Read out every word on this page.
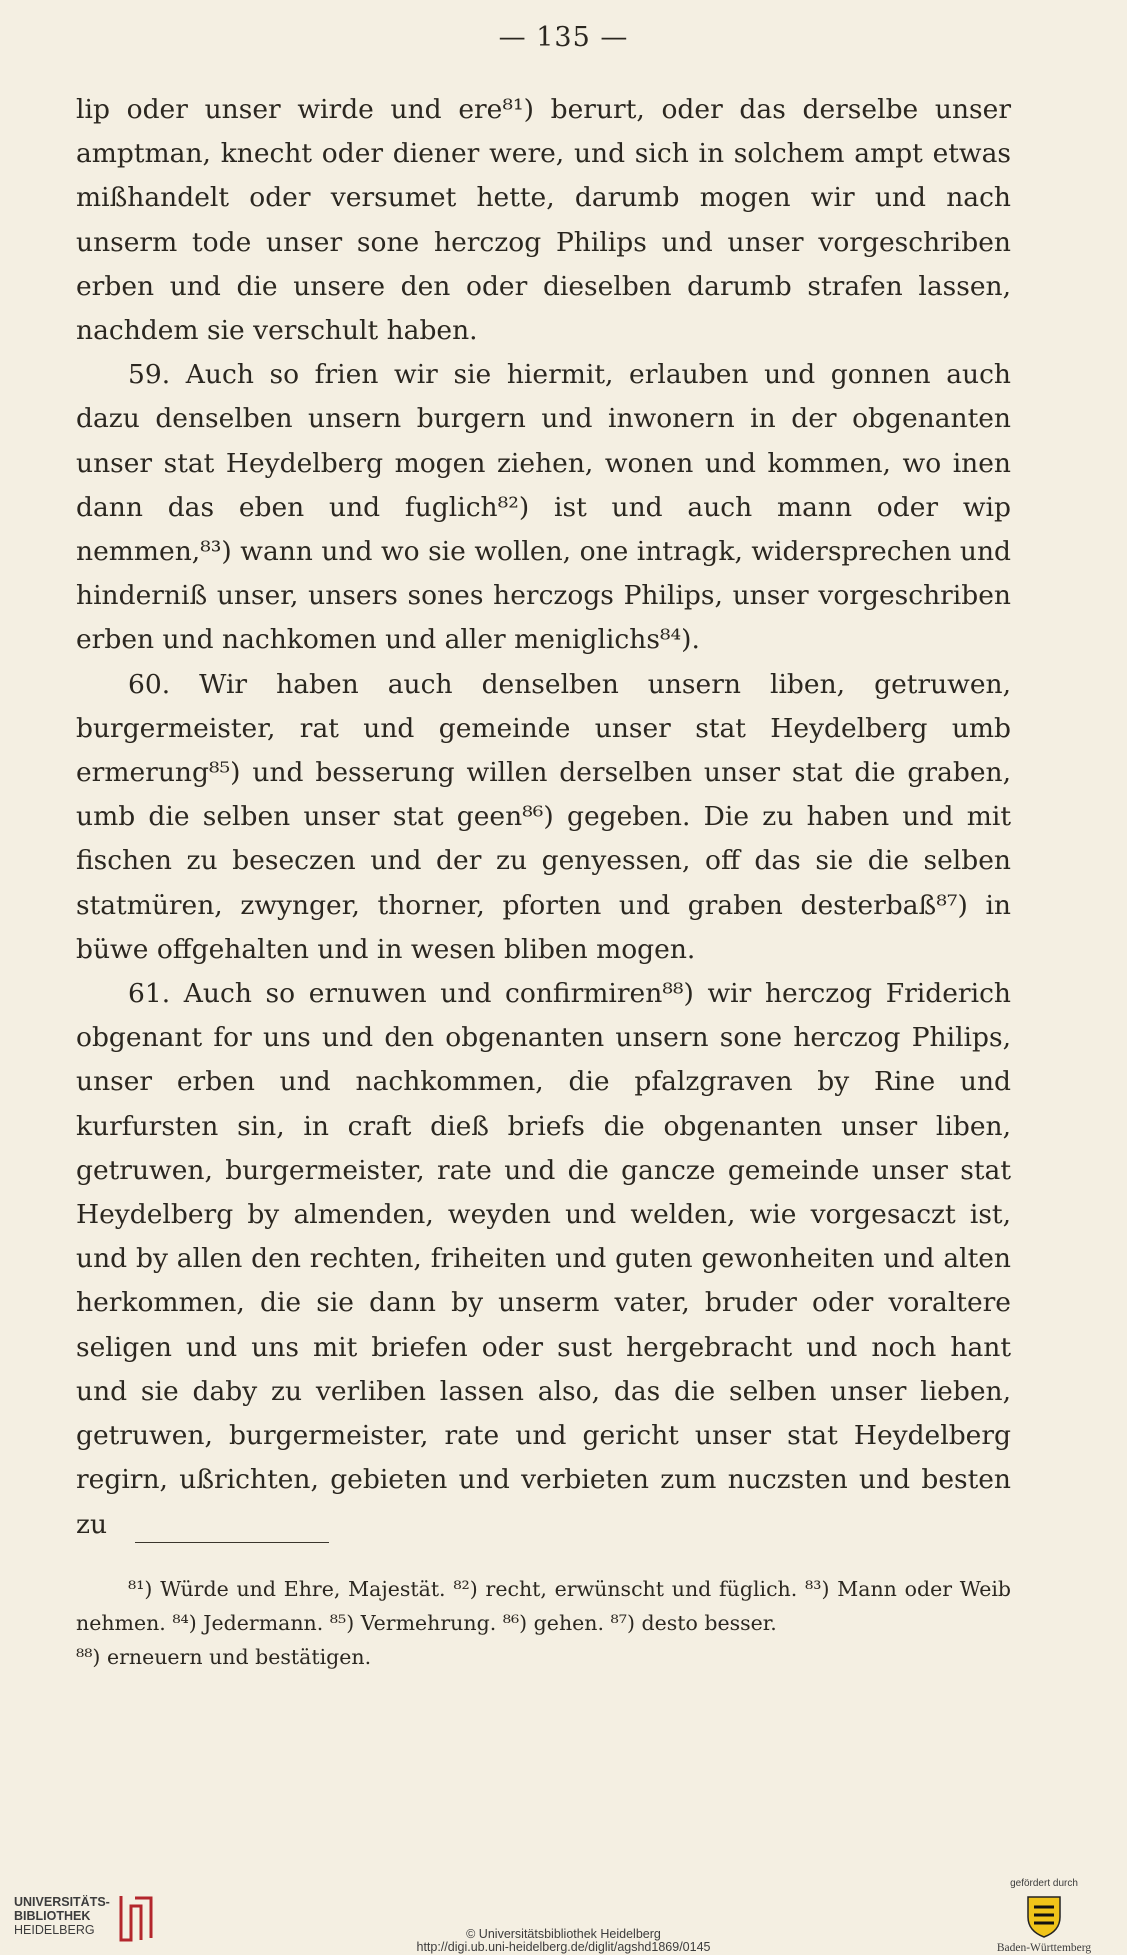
— 135 —

lip oder unser wirde und ere⁸¹) berurt, oder das derselbe unser amptman, knecht oder diener were, und sich in solchem ampt etwas mißhandelt oder versumet hette, darumb mogen wir und nach unserm tode unser sone herczog Philips und unser vorgeschriben erben und die unsere den oder dieselben darumb strafen lassen, nachdem sie verschult haben.

59. Auch so frien wir sie hiermit, erlauben und gonnen auch dazu denselben unsern burgern und inwonern in der obgenanten unser stat Heydelberg mogen ziehen, wonen und kommen, wo inen dann das eben und fuglich⁸²) ist und auch mann oder wip nemmen,⁸³) wann und wo sie wollen, one intragk, widersprechen und hinderniß unser, unsers sones herczogs Philips, unser vorgeschriben erben und nachkomen und aller meniglichs⁸⁴).

60. Wir haben auch denselben unsern liben, getruwen, burgermeister, rat und gemeinde unser stat Heydelberg umb ermerung⁸⁵) und besserung willen derselben unser stat die graben, umb die selben unser stat geen⁸⁶) gegeben. Die zu haben und mit fischen zu beseczen und der zu genyessen, off das sie die selben statmüren, zwynger, thorner, pforten und graben desterbaß⁸⁷) in büwe offgehalten und in wesen bliben mogen.

61. Auch so ernuwen und confirmiren⁸⁸) wir herczog Friderich obgenant for uns und den obgenanten unsern sone herczog Philips, unser erben und nachkommen, die pfalzgraven by Rine und kurfursten sin, in craft dieß briefs die obgenanten unser liben, getruwen, burgermeister, rate und die gancze gemeinde unser stat Heydelberg by almenden, weyden und welden, wie vorgesaczt ist, und by allen den rechten, friheiten und guten gewonheiten und alten herkommen, die sie dann by unserm vater, bruder oder voraltere seligen und uns mit briefen oder sust hergebracht und noch hant und sie daby zu verliben lassen also, das die selben unser lieben, getruwen, burgermeister, rate und gericht unser stat Heydelberg regirn, ußrichten, gebieten und verbieten zum nuczsten und besten zu

⁸¹) Würde und Ehre, Majestät. ⁸²) recht, erwünscht und füglich. ⁸³) Mann oder Weib nehmen. ⁸⁴) Jedermann. ⁸⁵) Vermehrung. ⁸⁶) gehen. ⁸⁷) desto besser.

⁸⁸) erneuern und bestätigen.

UNIVERSITÄTS-
BIBLIOTHEK
HEIDELBERG	© Universitätsbibliothek Heidelberg
http://digi.ub.uni-heidelberg.de/diglit/agshd1869/0145
gefördert durch
Baden-Württemberg
